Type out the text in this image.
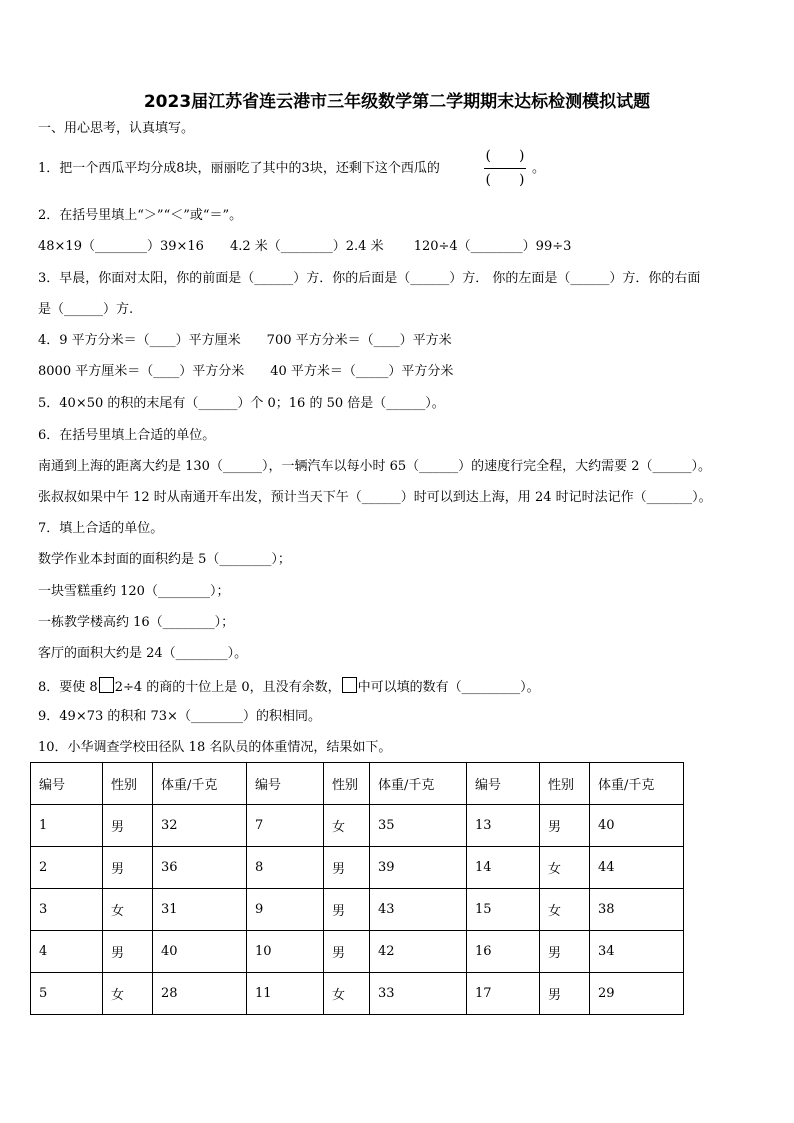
2023届江苏省连云港市三年级数学第二学期期末达标检测模拟试题
一、用心思考，认真填写。
1．把一个西瓜平均分成8块，丽丽吃了其中的3块，还剩下这个西瓜的
(　　)
(　　)
。
2．在括号里填上“＞”“＜”或“＝”。
48×19（________）39×16　　4.2 米（________）2.4 米　　 120÷4（________）99÷3
3．早晨，你面对太阳，你的前面是（______）方．你的后面是（______）方． 你的左面是（______）方．你的右面
是（______）方.
4．9 平方分米＝（____）平方厘米　　700 平方分米＝（____）平方米
8000 平方厘米＝（____）平方分米　　40 平方米＝（_____）平方分米
5．40×50 的积的末尾有（______）个 0；16 的 50 倍是（______）。
6．在括号里填上合适的单位。
南通到上海的距离大约是 130（______），一辆汽车以每小时 65（______）的速度行完全程，大约需要 2（______）。
张叔叔如果中午 12 时从南通开车出发，预计当天下午（______）时可以到达上海，用 24 时记时法记作（_______）。
7．填上合适的单位。
数学作业本封面的面积约是 5（________）；
一块雪糕重约 120（________）；
一栋教学楼高约 16（________）；
客厅的面积大约是 24（________）。
8．要使 8 2÷4 的商的十位上是 0，且没有余数， 中可以填的数有（_________）。
9．49×73 的积和 73×（________）的积相同。
10．小华调查学校田径队 18 名队员的体重情况，结果如下。
编号	性别	体重/千克	编号	性别	体重/千克	编号	性别	体重/千克
1	男	32	7	女	35	13	男	40
2	男	36	8	男	39	14	女	44
3	女	31	9	男	43	15	女	38
4	男	40	10	男	42	16	男	34
5	女	28	11	女	33	17	男	29
